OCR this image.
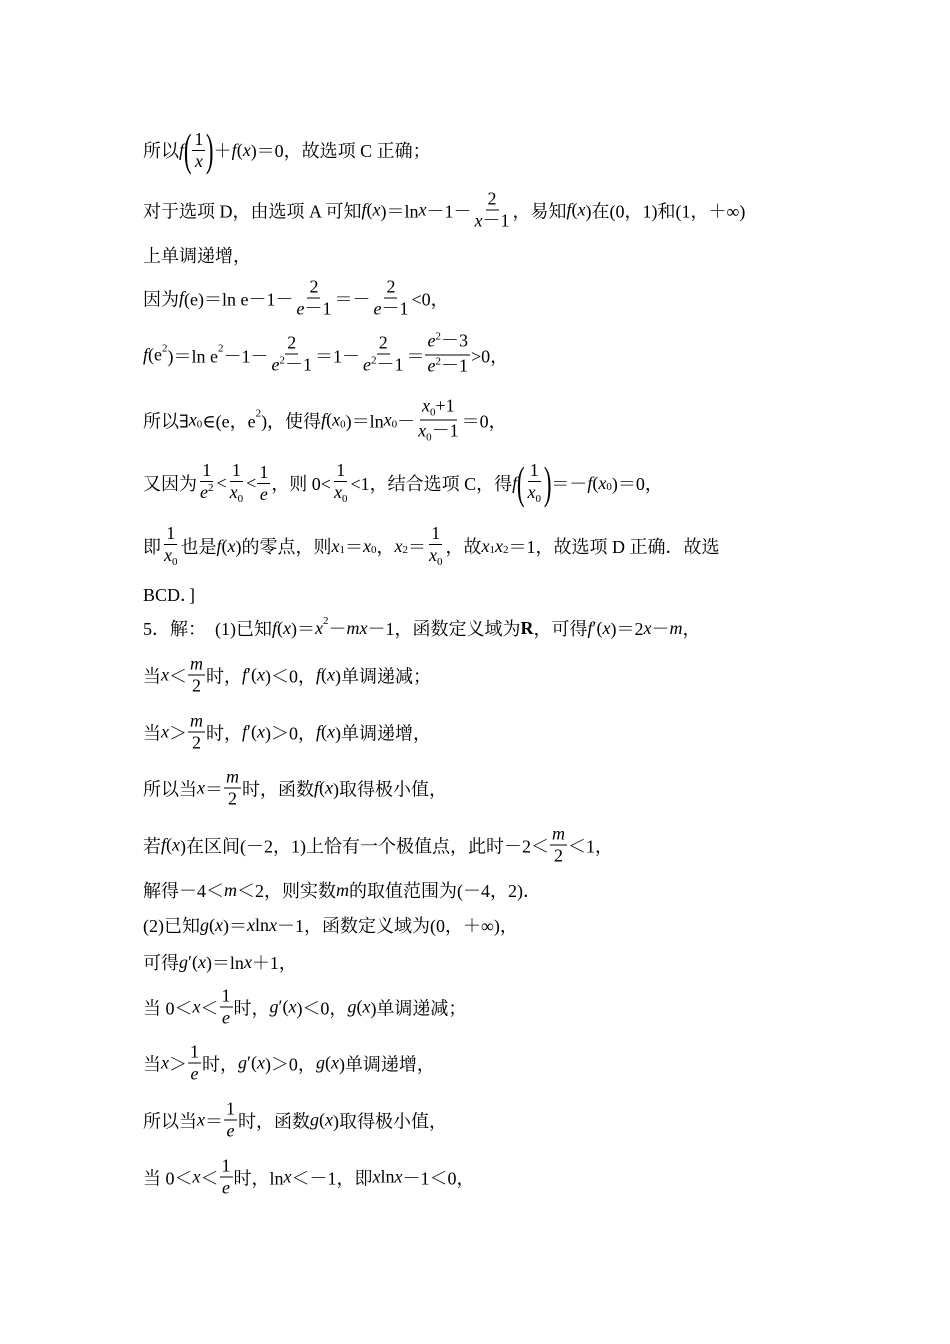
所以 f ( $\frac{1}{x}$ ) ＋ f ( x )＝0，故选项 C 正确；
对于选项 D，由选项 A 可知 f ( x )＝ln $x -1- \frac{2}{x-1}$ ，易知 f ( x )在(0，1)和(1，＋∞)
上单调递增，
因为 f (e)＝ln $e-1- \frac{2}{e-1} =- \frac{2}{e-1} <0$，
f (e 2 )＝ln e $2 -1- \frac{2}{e^2-1} =1- \frac{2}{e^2-1} = \frac{e^2-3}{e^2-1} >0$，
所以∃ x 0 ∈(e，e 2 )，使得 f ( x 0 )＝ln x $0 - \frac{x_0+1}{x_0-1} =0$，
又因为 $\frac{1}{e^2} < \frac{1}{x_0} < \frac{1}{e}$ ，则 $0< \frac{1}{x_0} <1$，结合选项 C，得 f ( $\frac{1}{x_0}$ ) ＝－ f ( x 0 )＝0，
即 $\frac{1}{x_0}$ 也是 f ( x )的零点，则 x 1 ＝ x 0 ， x $2 = \frac{1}{x_0}$ ，故 x 1 x 2 ＝1，故选项 D 正确．故选
BCD．]
5．解：　(1)已知 f ( x )＝ x 2 － mx －1，函数定义域为 R ，可得 f ′( x )＝2 x － m ，
当 $x < \frac{m}{2}$ 时， f ′( x )＜0， f ( x )单调递减；
当 $x > \frac{m}{2}$ 时， f ′( x )＞0， f ( x )单调递增，
所以当 $x = \frac{m}{2}$ 时，函数 f ( x )取得极小值，
若 f ( x )在区间(－2，1)上恰有一个极值点，此时$-2< \frac{m}{2} <1$，
解得－4＜ m ＜2，则实数 m 的取值范围为(－4，2)．
(2)已知 g ( x )＝ x ln x －1，函数定义域为(0，＋∞)，
可得 g ′( x )＝ln x ＋1，
当 $0< x < \frac{1}{e}$ 时， g ′( x )＜0， g ( x )单调递减；
当 $x > \frac{1}{e}$ 时， g ′( x )＞0， g ( x )单调递增，
所以当 $x = \frac{1}{e}$ 时，函数 g ( x )取得极小值，
当 $0< x < \frac{1}{e}$ 时，ln x ＜－1，即 x ln x －1＜0，
